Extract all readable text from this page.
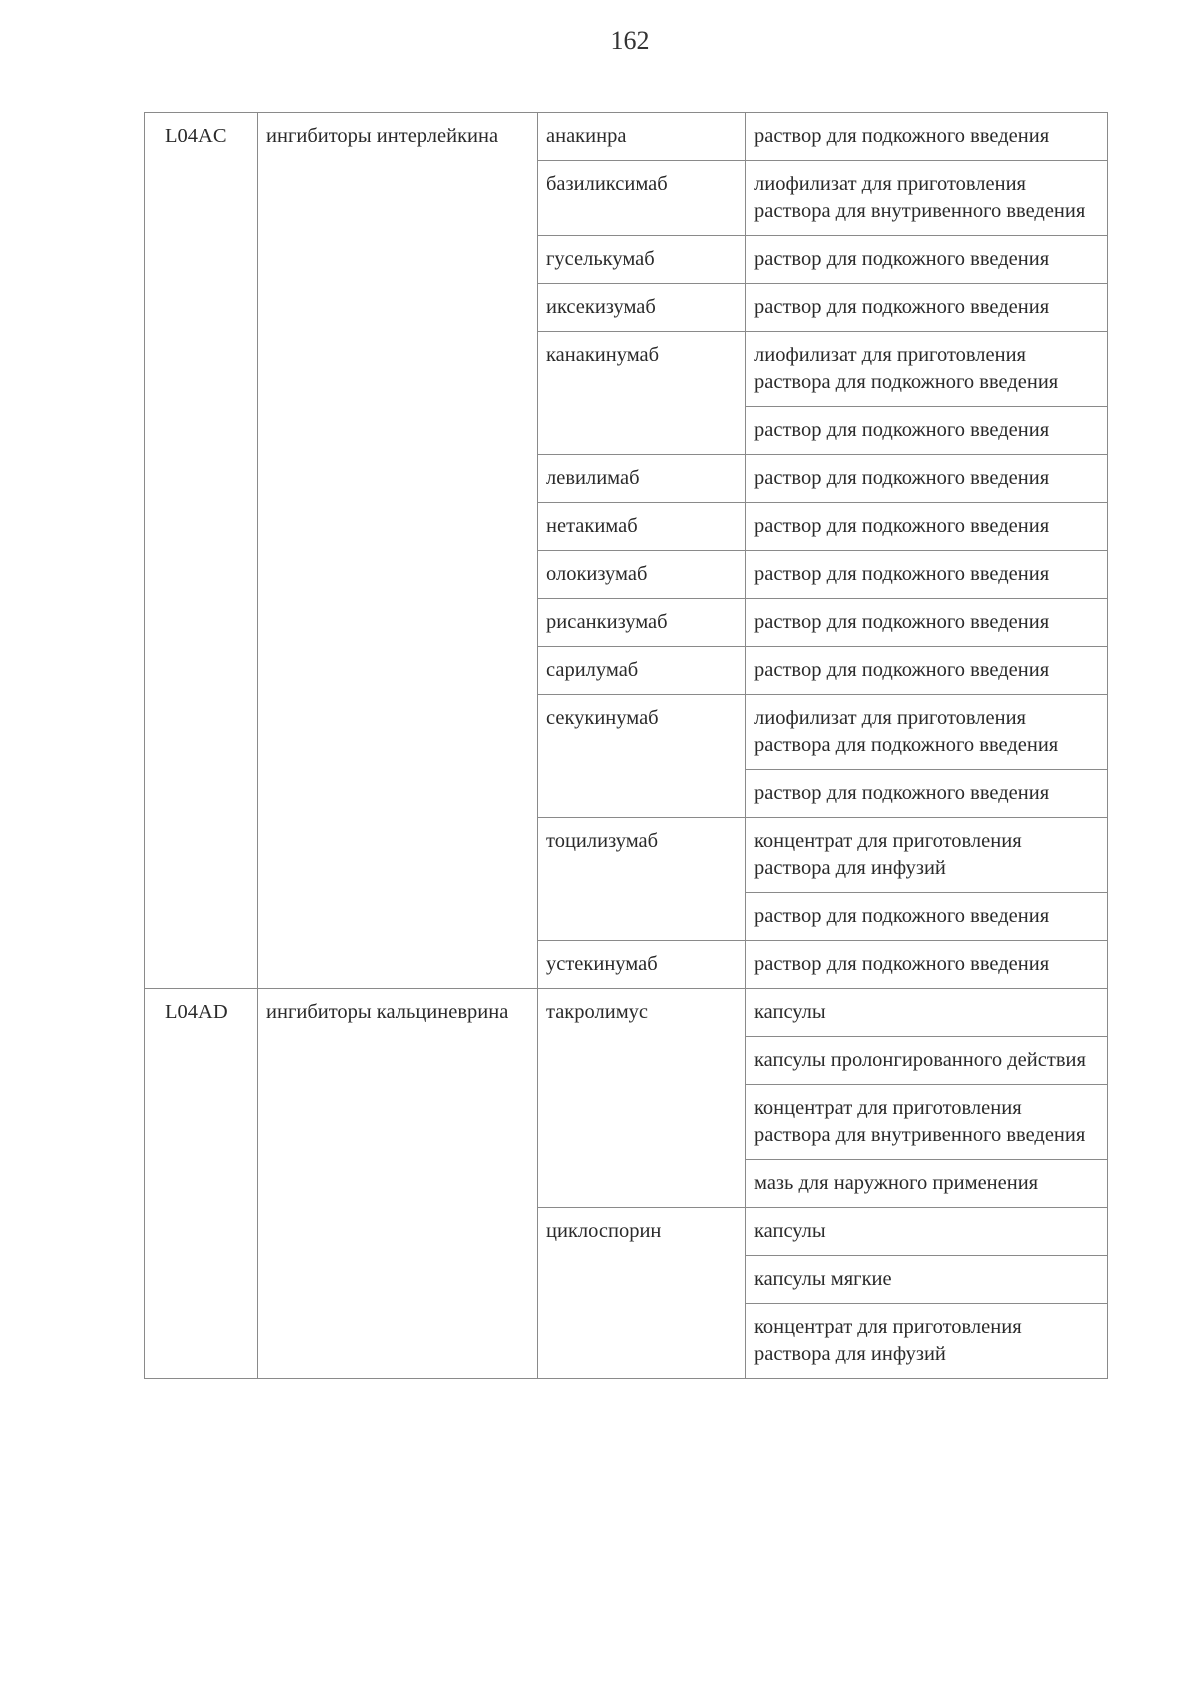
162
L04AC	ингибиторы интерлейкина	анакинра	раствор для подкожного введения
		базиликсимаб	лиофилизат для приготовления раствора для внутривенного введения
		гуселькумаб	раствор для подкожного введения
		иксекизумаб	раствор для подкожного введения
		канакинумаб	лиофилизат для приготовления раствора для подкожного введения
			раствор для подкожного введения
		левилимаб	раствор для подкожного введения
		нетакимаб	раствор для подкожного введения
		олокизумаб	раствор для подкожного введения
		рисанкизумаб	раствор для подкожного введения
		сарилумаб	раствор для подкожного введения
		секукинумаб	лиофилизат для приготовления раствора для подкожного введения
			раствор для подкожного введения
		тоцилизумаб	концентрат для приготовления раствора для инфузий
			раствор для подкожного введения
		устекинумаб	раствор для подкожного введения
L04AD	ингибиторы кальциневрина	такролимус	капсулы
			капсулы пролонгированного действия
			концентрат для приготовления раствора для внутривенного введения
			мазь для наружного применения
		циклоспорин	капсулы
			капсулы мягкие
			концентрат для приготовления раствора для инфузий
